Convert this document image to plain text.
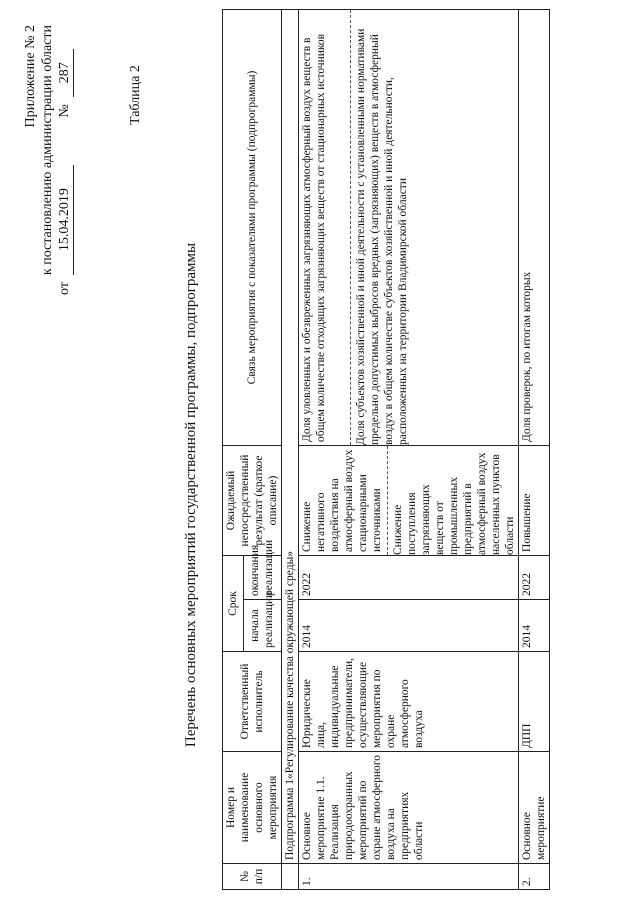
Приложение № 2 к постановлению администрации области
от 15.04.2019  № 287	Таблица 2
Перечень основных мероприятий государственной программы, подпрограммы
№ п/п	Номер и наименование основного мероприятия	Ответственный исполнитель	Срок		Ожидаемый непосредственный результат (краткое описание)	Связь мероприятия с показателями программы (подпрограммы)
			начала реализации	окончания реализации		
	Подпрограмма 1«Регулирование качества окружающей среды»					
1.	Основное мероприятие 1.1. Реализация природоохранных мероприятий по охране атмосферного воздуха на предприятиях области	Юридические лица, индивидуальные предприниматели, осуществляющие мероприятия по охране атмосферного воздуха	2014	2022	Снижение негативного воздействия на атмосферный воздух стационарными источниками Снижение поступления загрязняющих веществ от промышленных предприятий в атмосферный воздух населенных пунктов области	Доля уловленных и обезвреженных загрязняющих атмосферный воздух веществ в общем количестве отходящих загрязняющих веществ от стационарных источников Доля субъектов хозяйственной и иной деятельности с установленными нормативами предельно допустимых выбросов вредных (загрязняющих) веществ в атмосферный воздух в общем количестве субъектов хозяйственной и иной деятельности, расположенных на территории Владимирской области

2.	Основное мероприятие	ДПП	2014	2022	Повышение	Доля проверок, по итогам которых
